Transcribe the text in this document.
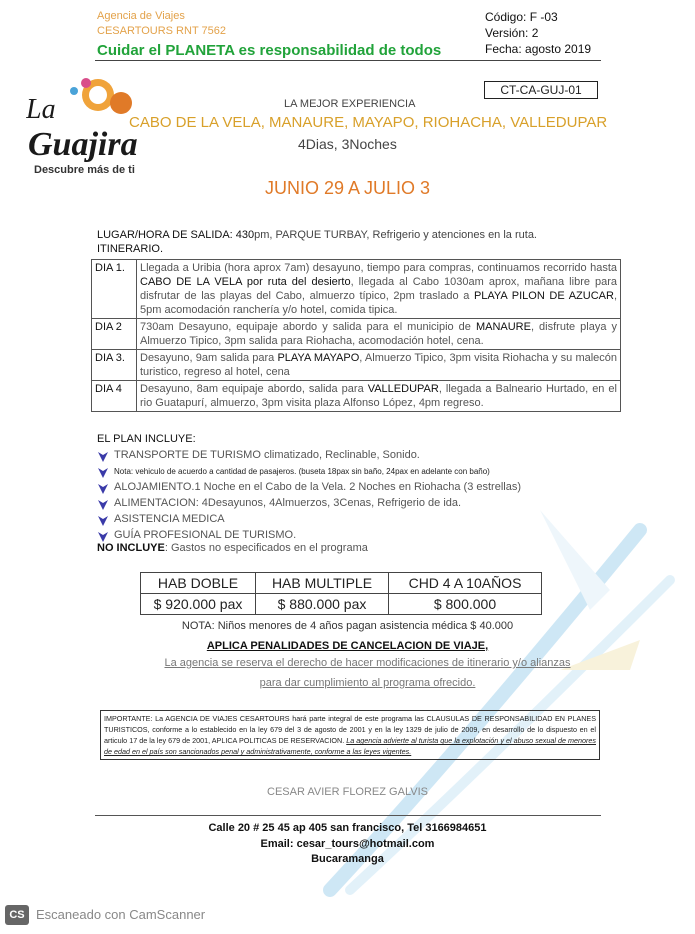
Agencia de Viajes
CESARTOURS RNT 7562
Cuidar el PLANETA es responsabilidad de todos
Código: F -03
Versión: 2
Fecha: agosto 2019
CT-CA-GUJ-01
La
Guajira
Descubre más de ti
LA MEJOR EXPERIENCIA
CABO DE LA VELA, MANAURE, MAYAPO, RIOHACHA, VALLEDUPAR
4Dias, 3Noches
JUNIO 29 A JULIO 3
LUGAR/HORA DE SALIDA: 430pm, PARQUE TURBAY, Refrigerio y atenciones en la ruta.
ITINERARIO.
DIA 1.	Llegada a Uribia (hora aprox 7am) desayuno, tiempo para compras, continuamos recorrido hasta CABO DE LA VELA por ruta del desierto, llegada al Cabo 1030am aprox, mañana libre para disfrutar de las playas del Cabo, almuerzo típico, 2pm traslado a PLAYA PILON DE AZUCAR, 5pm acomodación ranchería y/o hotel, comida tipica.
DIA 2	730am Desayuno, equipaje abordo y salida para el municipio de MANAURE, disfrute playa y Almuerzo Tipico, 3pm salida para Riohacha, acomodación hotel, cena.
DIA 3.	Desayuno, 9am salida para PLAYA MAYAPO, Almuerzo Tipico, 3pm visita Riohacha y su malecón turistico, regreso al hotel, cena
DIA 4	Desayuno, 8am equipaje abordo, salida para VALLEDUPAR, llegada a Balneario Hurtado, en el rio Guatapurí, almuerzo, 3pm visita plaza Alfonso López, 4pm regreso.
EL PLAN INCLUYE:
TRANSPORTE DE TURISMO climatizado, Reclinable, Sonido.
Nota: vehiculo de acuerdo a cantidad de pasajeros. (buseta 18pax sin baño, 24pax en adelante con baño)
ALOJAMIENTO.1 Noche en el Cabo de la Vela. 2 Noches en Riohacha (3 estrellas)
ALIMENTACION: 4Desayunos, 4Almuerzos, 3Cenas, Refrigerio de ida.
ASISTENCIA MEDICA
GUÍA PROFESIONAL DE TURISMO.
NO INCLUYE: Gastos no especificados en el programa
HAB DOBLE	HAB MULTIPLE	CHD 4 A 10AÑOS
$ 920.000 pax	$ 880.000 pax	$ 800.000
NOTA: Niños menores de 4 años pagan asistencia médica $ 40.000
APLICA PENALIDADES DE CANCELACION DE VIAJE,
La agencia se reserva el derecho de hacer modificaciones de itinerario y/o alianzas
para dar cumplimiento al programa ofrecido.
IMPORTANTE: La AGENCIA DE VIAJES CESARTOURS hará parte integral de este programa las CLAUSULAS DE RESPONSABILIDAD EN PLANES TURISTICOS, conforme a lo establecido en la ley 679 del 3 de agosto de 2001 y en la ley 1329 de julio de 2009, en desarrollo de lo dispuesto en el articulo 17 de la ley 679 de 2001, APLICA POLITICAS DE RESERVACION. La agencia advierte al turista que la explotación y el abuso sexual de menores de edad en el país son sancionados penal y administrativamente, conforme a las leyes vigentes.
CESAR AVIER FLOREZ GALVIS
Calle 20 # 25 45 ap 405 san francisco, Tel 3166984651
Email: cesar_tours@hotmail.com
Bucaramanga
CS Escaneado con CamScanner
